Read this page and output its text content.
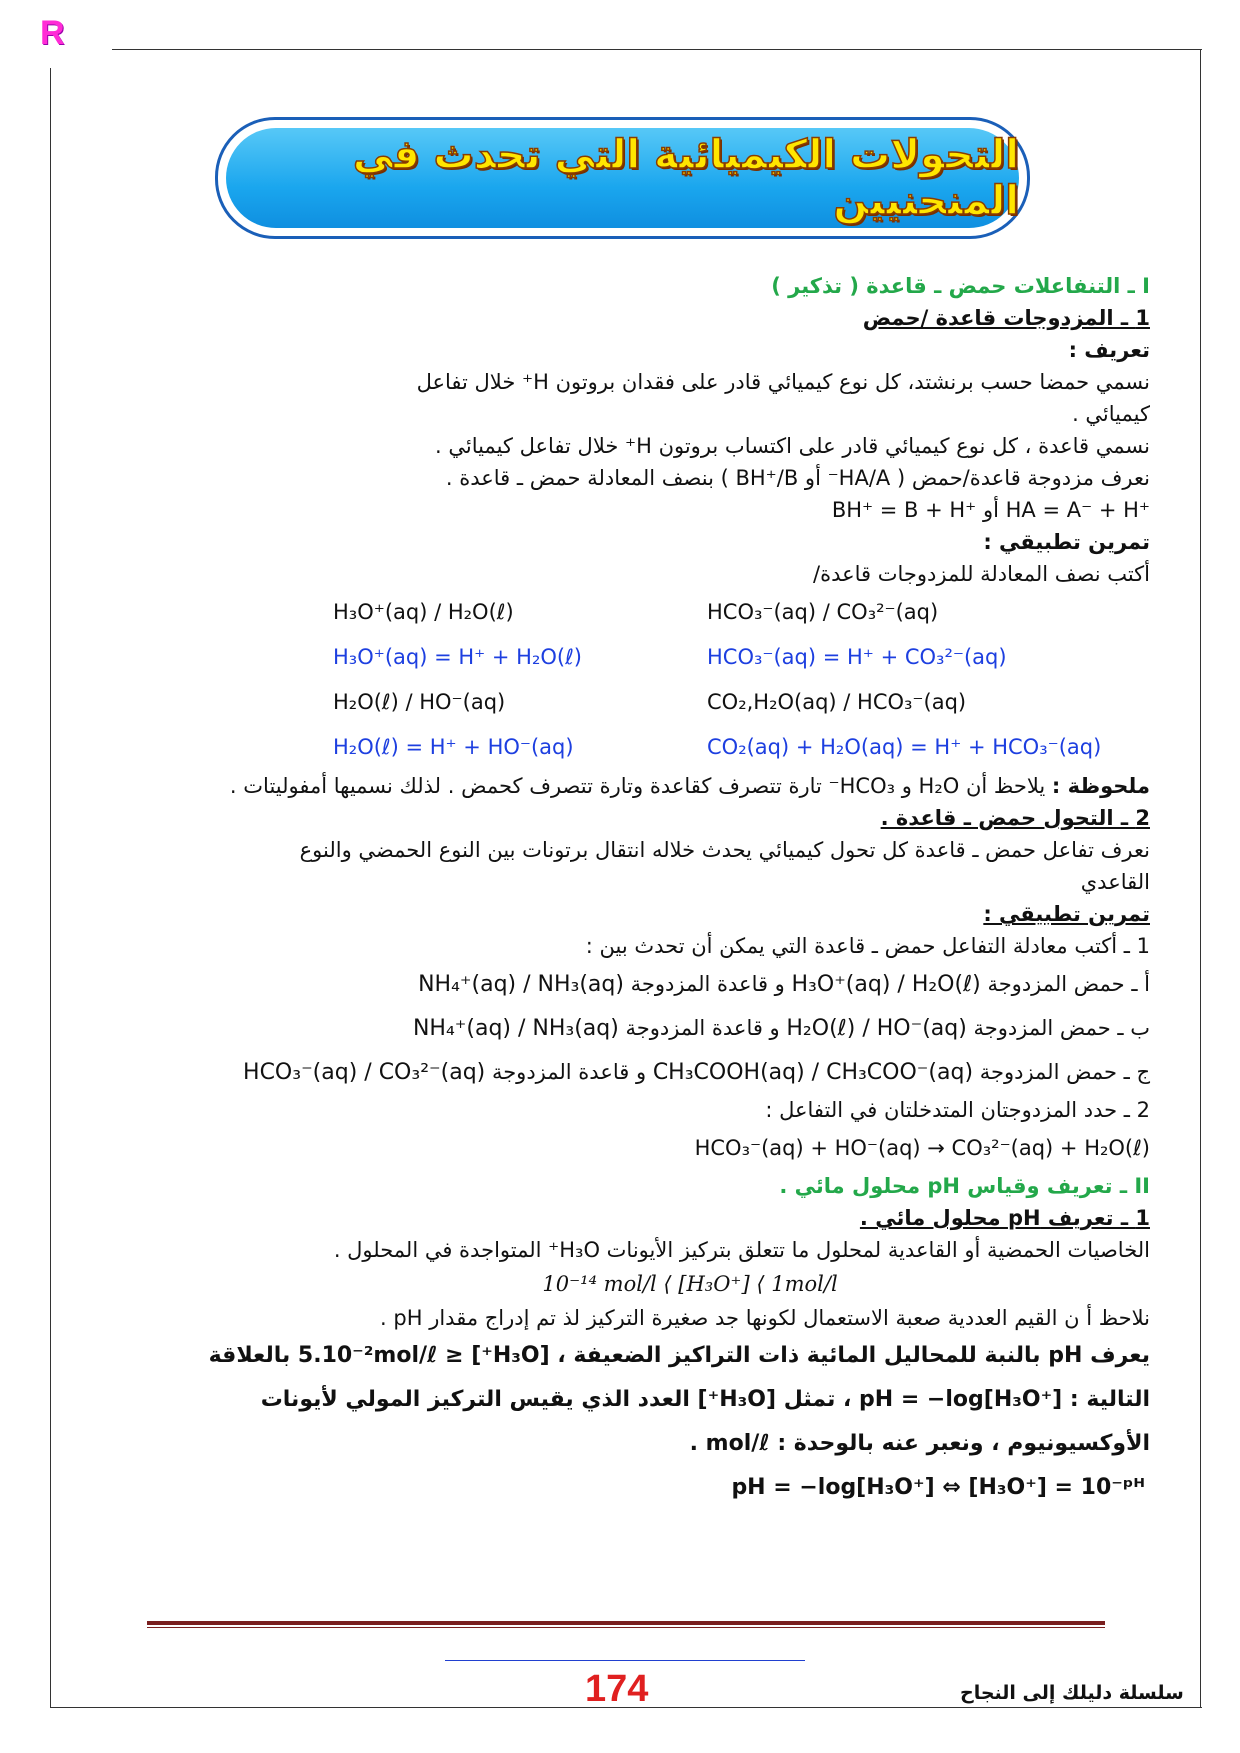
R
التحولات الكيميائية التي تحدث في المنحنيين
I ـ التنفاعلات حمض ـ قاعدة ( تذكير )
1 ـ المزدوجات قاعدة /حمض
تعريف :
نسمي حمضا حسب برنشتد، كل نوع كيميائي قادر على فقدان بروتون H⁺ خلال تفاعل
كيميائي .
نسمي قاعدة ، كل نوع كيميائي قادر على اكتساب بروتون H⁺ خلال تفاعل كيميائي .
نعرف مزدوجة قاعدة/حمض ( HA/A⁻ أو BH⁺/B ) بنصف المعادلة حمض ـ قاعدة .
BH⁺ = B + H⁺ أو HA = A⁻ + H⁺
تمرين تطبيقي :
أكتب نصف المعادلة للمزدوجات قاعدة/
H₃O⁺(aq) / H₂O(ℓ)	HCO₃⁻(aq) / CO₃²⁻(aq)
H₃O⁺(aq) = H⁺ + H₂O(ℓ)	HCO₃⁻(aq) = H⁺ + CO₃²⁻(aq)
H₂O(ℓ) / HO⁻(aq)	CO₂,H₂O(aq) / HCO₃⁻(aq)
H₂O(ℓ) = H⁺ + HO⁻(aq)	CO₂(aq) + H₂O(aq) = H⁺ + HCO₃⁻(aq)
ملحوظة : يلاحظ أن H₂O و HCO₃⁻ تارة تتصرف كقاعدة وتارة تتصرف كحمض . لذلك نسميها أمفوليتات .
2 ـ التحول حمض ـ قاعدة .
نعرف تفاعل حمض ـ قاعدة كل تحول كيميائي يحدث خلاله انتقال برتونات بين النوع الحمضي والنوع
القاعدي
تمرين تطبيقي :
1 ـ أكتب معادلة التفاعل حمض ـ قاعدة التي يمكن أن تحدث بين :
أ ـ حمض المزدوجة H₃O⁺(aq) / H₂O(ℓ) و قاعدة المزدوجة NH₄⁺(aq) / NH₃(aq)
ب ـ حمض المزدوجة H₂O(ℓ) / HO⁻(aq) و قاعدة المزدوجة NH₄⁺(aq) / NH₃(aq)
ج ـ حمض المزدوجة CH₃COOH(aq) / CH₃COO⁻(aq) و قاعدة المزدوجة HCO₃⁻(aq) / CO₃²⁻(aq)
2 ـ حدد المزدوجتان المتدخلتان في التفاعل :
HCO₃⁻(aq) + HO⁻(aq) → CO₃²⁻(aq) + H₂O(ℓ)
II ـ تعريف وقياس pH محلول مائي .
1 ـ تعريف pH محلول مائي .
الخاصيات الحمضية أو القاعدية لمحلول ما تتعلق بتركيز الأيونات H₃O⁺ المتواجدة في المحلول .
10⁻¹⁴ mol/l ⟨ [H₃O⁺] ⟨ 1mol/l
نلاحظ أ ن القيم العددية صعبة الاستعمال لكونها جد صغيرة التركيز لذ تم إدراج مقدار pH .
يعرف pH بالنبة للمحاليل المائية ذات التراكيز الضعيفة ، [H₃O⁺] ≤ 5.10⁻²mol/ℓ بالعلاقة
التالية : pH = −log[H₃O⁺] ، تمثل [H₃O⁺] العدد الذي يقيس التركيز المولي لأيونات
الأوكسيونيوم ، ونعبر عنه بالوحدة : mol/ℓ .
pH = −log[H₃O⁺] ⇔ [H₃O⁺] = 10⁻ᵖᴴ
174	سلسلة دليلك إلى النجاح
